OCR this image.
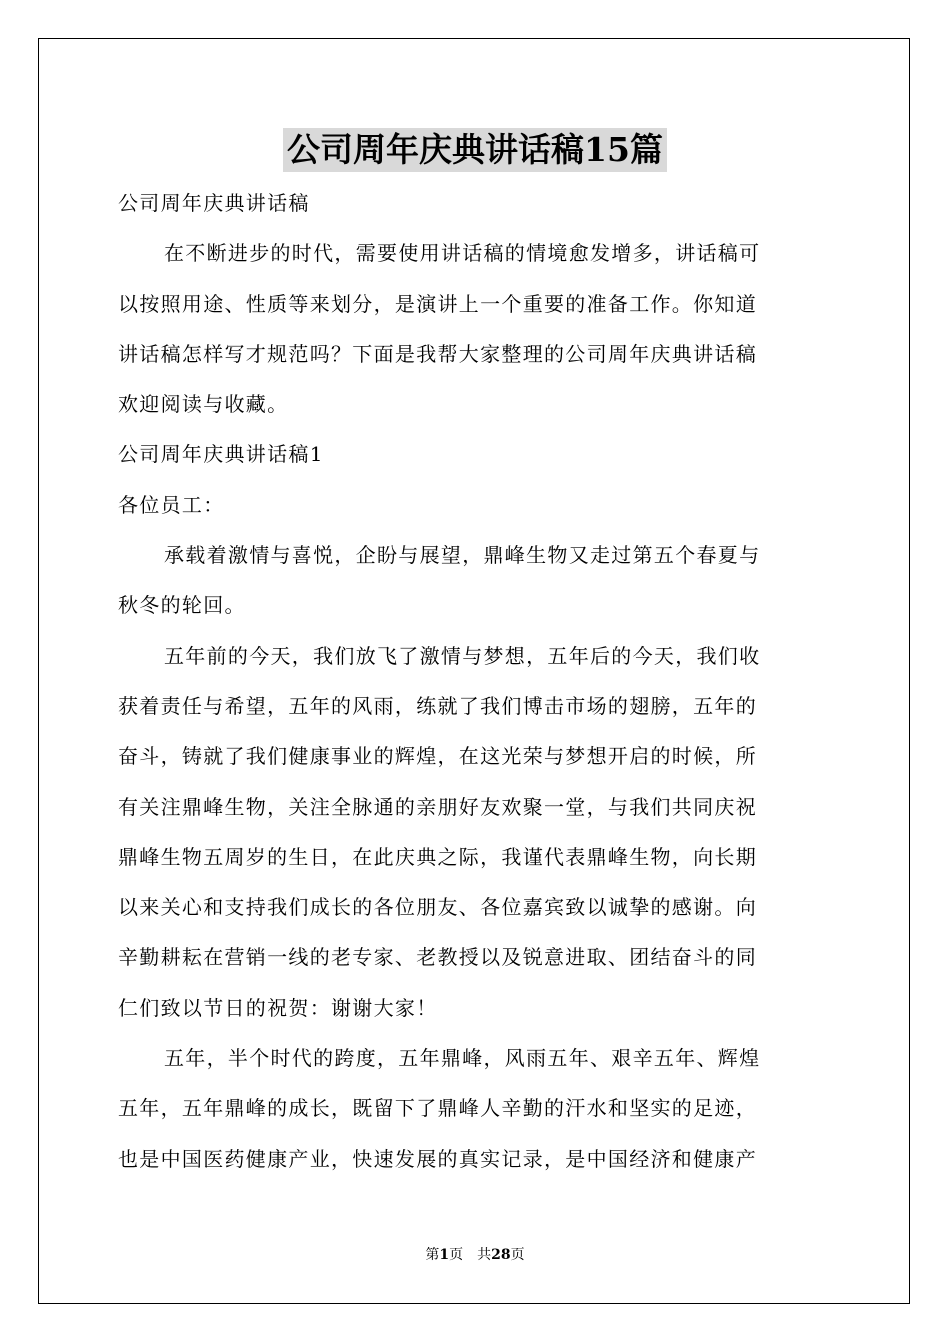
公司周年庆典讲话稿15篇
公司周年庆典讲话稿
在不断进步的时代，需要使用讲话稿的情境愈发增多，讲话稿可
以按照用途、性质等来划分，是演讲上一个重要的准备工作。你知道
讲话稿怎样写才规范吗？下面是我帮大家整理的公司周年庆典讲话稿
欢迎阅读与收藏。
公司周年庆典讲话稿1
各位员工：
承载着激情与喜悦，企盼与展望，鼎峰生物又走过第五个春夏与
秋冬的轮回。
五年前的今天，我们放飞了激情与梦想，五年后的今天，我们收
获着责任与希望，五年的风雨，练就了我们博击市场的翅膀，五年的
奋斗，铸就了我们健康事业的辉煌，在这光荣与梦想开启的时候，所
有关注鼎峰生物，关注全脉通的亲朋好友欢聚一堂，与我们共同庆祝
鼎峰生物五周岁的生日，在此庆典之际，我谨代表鼎峰生物，向长期
以来关心和支持我们成长的各位朋友、各位嘉宾致以诚挚的感谢。向
辛勤耕耘在营销一线的老专家、老教授以及锐意进取、团结奋斗的同
仁们致以节日的祝贺：谢谢大家！
五年，半个时代的跨度，五年鼎峰，风雨五年、艰辛五年、辉煌
五年，五年鼎峰的成长，既留下了鼎峰人辛勤的汗水和坚实的足迹，
也是中国医药健康产业，快速发展的真实记录，是中国经济和健康产
第1页　共28页
